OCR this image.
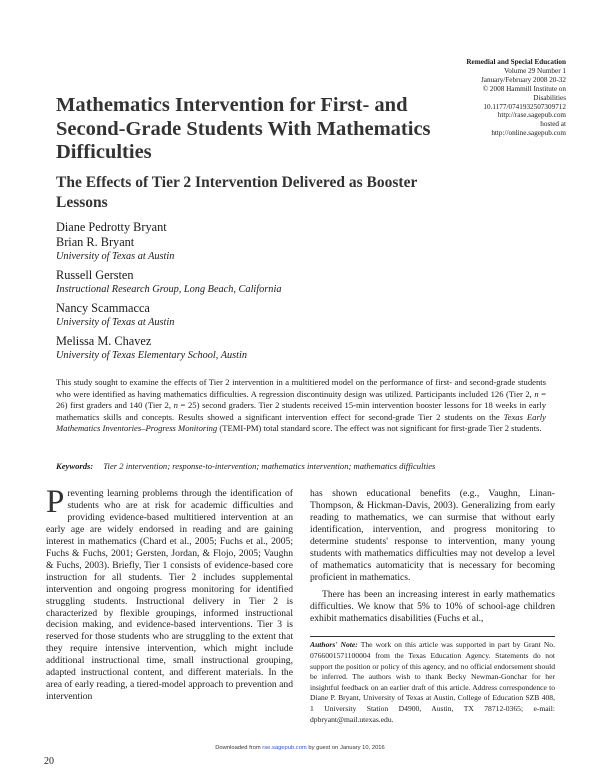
Remedial and Special Education
Volume 29 Number 1
January/February 2008 20-32
© 2008 Hammill Institute on
Disabilities
10.1177/0741932507309712
http://rase.sagepub.com
hosted at
http://online.sagepub.com
Mathematics Intervention for First- and Second-Grade Students With Mathematics Difficulties
The Effects of Tier 2 Intervention Delivered as Booster Lessons
Diane Pedrotty Bryant
Brian R. Bryant
University of Texas at Austin
Russell Gersten
Instructional Research Group, Long Beach, California
Nancy Scammacca
University of Texas at Austin
Melissa M. Chavez
University of Texas Elementary School, Austin
This study sought to examine the effects of Tier 2 intervention in a multitiered model on the performance of first- and second-grade students who were identified as having mathematics difficulties. A regression discontinuity design was utilized. Participants included 126 (Tier 2, n = 26) first graders and 140 (Tier 2, n = 25) second graders. Tier 2 students received 15-min intervention booster lessons for 18 weeks in early mathematics skills and concepts. Results showed a significant intervention effect for second-grade Tier 2 students on the Texas Early Mathematics Inventories–Progress Monitoring (TEMI-PM) total standard score. The effect was not significant for first-grade Tier 2 students.
Keywords: Tier 2 intervention; response-to-intervention; mathematics intervention; mathematics difficulties

Preventing learning problems through the identification of students who are at risk for academic difficulties and providing evidence-based multitiered intervention at an early age are widely endorsed in reading and are gaining interest in mathematics (Chard et al., 2005; Fuchs et al., 2005; Fuchs & Fuchs, 2001; Gersten, Jordan, & Flojo, 2005; Vaughn & Fuchs, 2003). Briefly, Tier 1 consists of evidence-based core instruction for all students. Tier 2 includes supplemental intervention and ongoing progress monitoring for identified struggling students. Instructional delivery in Tier 2 is characterized by flexible groupings, informed instructional decision making, and evidence-based interventions. Tier 3 is reserved for those students who are struggling to the extent that they require intensive intervention, which might include additional instructional time, small instructional grouping, adapted instructional content, and different materials. In the area of early reading, a tiered-model approach to prevention and intervention

has shown educational benefits (e.g., Vaughn, Linan-Thompson, & Hickman-Davis, 2003). Generalizing from early reading to mathematics, we can surmise that without early identification, intervention, and progress monitoring to determine students' response to intervention, many young students with mathematics difficulties may not develop a level of mathematics automaticity that is necessary for becoming proficient in mathematics.

There has been an increasing interest in early mathematics difficulties. We know that 5% to 10% of school-age children exhibit mathematics disabilities (Fuchs et al.,

Authors' Note: The work on this article was supported in part by Grant No. 0766001571100004 from the Texas Education Agency. Statements do not support the position or policy of this agency, and no official endorsement should be inferred. The authors wish to thank Becky Newman-Gonchar for her insightful feedback on an earlier draft of this article. Address correspondence to Diane P. Bryant, University of Texas at Austin, College of Education SZB 408, 1 University Station D4900, Austin, TX 78712-0365; e-mail: dpbryant@mail.utexas.edu.
Downloaded from rse.sagepub.com by guest on January 10, 2016
20
